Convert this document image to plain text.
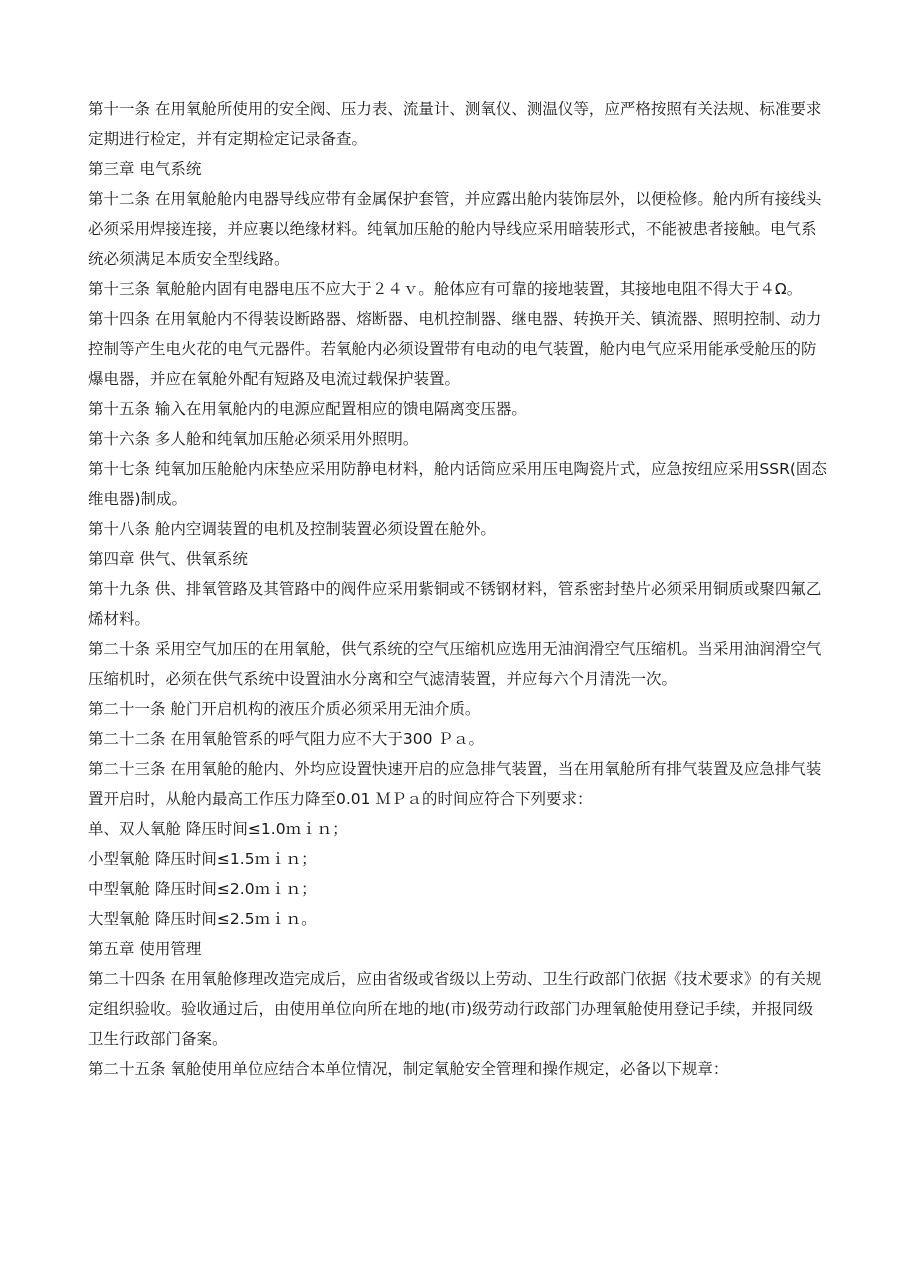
第十一条 在用氧舱所使用的安全阀、压力表、流量计、测氧仪、测温仪等，应严格按照有关法规、标准要求定期进行检定，并有定期检定记录备查。

第三章 电气系统

第十二条 在用氧舱舱内电器导线应带有金属保护套管，并应露出舱内装饰层外，以便检修。舱内所有接线头必须采用焊接连接，并应裹以绝缘材料。纯氧加压舱的舱内导线应采用暗装形式，不能被患者接触。电气系统必须满足本质安全型线路。

第十三条 氧舱舱内固有电器电压不应大于２４ｖ。舱体应有可靠的接地装置，其接地电阻不得大于４Ω。

第十四条 在用氧舱内不得装设断路器、熔断器、电机控制器、继电器、转换开关、镇流器、照明控制、动力控制等产生电火花的电气元器件。若氧舱内必须设置带有电动的电气装置，舱内电气应采用能承受舱压的防爆电器，并应在氧舱外配有短路及电流过载保护装置。

第十五条 输入在用氧舱内的电源应配置相应的馈电隔离变压器。

第十六条 多人舱和纯氧加压舱必须采用外照明。

第十七条 纯氧加压舱舱内床垫应采用防静电材料，舱内话筒应采用压电陶瓷片式，应急按纽应采用SSR(固态维电器)制成。

第十八条 舱内空调装置的电机及控制装置必须设置在舱外。

第四章 供气、供氧系统

第十九条 供、排氧管路及其管路中的阀件应采用紫铜或不锈钢材料，管系密封垫片必须采用铜质或聚四氟乙烯材料。

第二十条 采用空气加压的在用氧舱，供气系统的空气压缩机应选用无油润滑空气压缩机。当采用油润滑空气压缩机时，必须在供气系统中设置油水分离和空气滤清装置，并应每六个月清洗一次。

第二十一条 舱门开启机构的液压介质必须采用无油介质。

第二十二条 在用氧舱管系的呼气阻力应不大于300 Ｐａ。

第二十三条 在用氧舱的舱内、外均应设置快速开启的应急排气装置，当在用氧舱所有排气装置及应急排气装置开启时，从舱内最高工作压力降至0.01 ＭＰａ的时间应符合下列要求：

单、双人氧舱 降压时间≤1.0ｍｉｎ；

小型氧舱 降压时间≤1.5ｍｉｎ；

中型氧舱 降压时间≤2.0ｍｉｎ；

大型氧舱 降压时间≤2.5ｍｉｎ。

第五章 使用管理

第二十四条 在用氧舱修理改造完成后，应由省级或省级以上劳动、卫生行政部门依据《技术要求》的有关规定组织验收。验收通过后，由使用单位向所在地的地(市)级劳动行政部门办理氧舱使用登记手续，并报同级卫生行政部门备案。

第二十五条 氧舱使用单位应结合本单位情况，制定氧舱安全管理和操作规定，必备以下规章：
